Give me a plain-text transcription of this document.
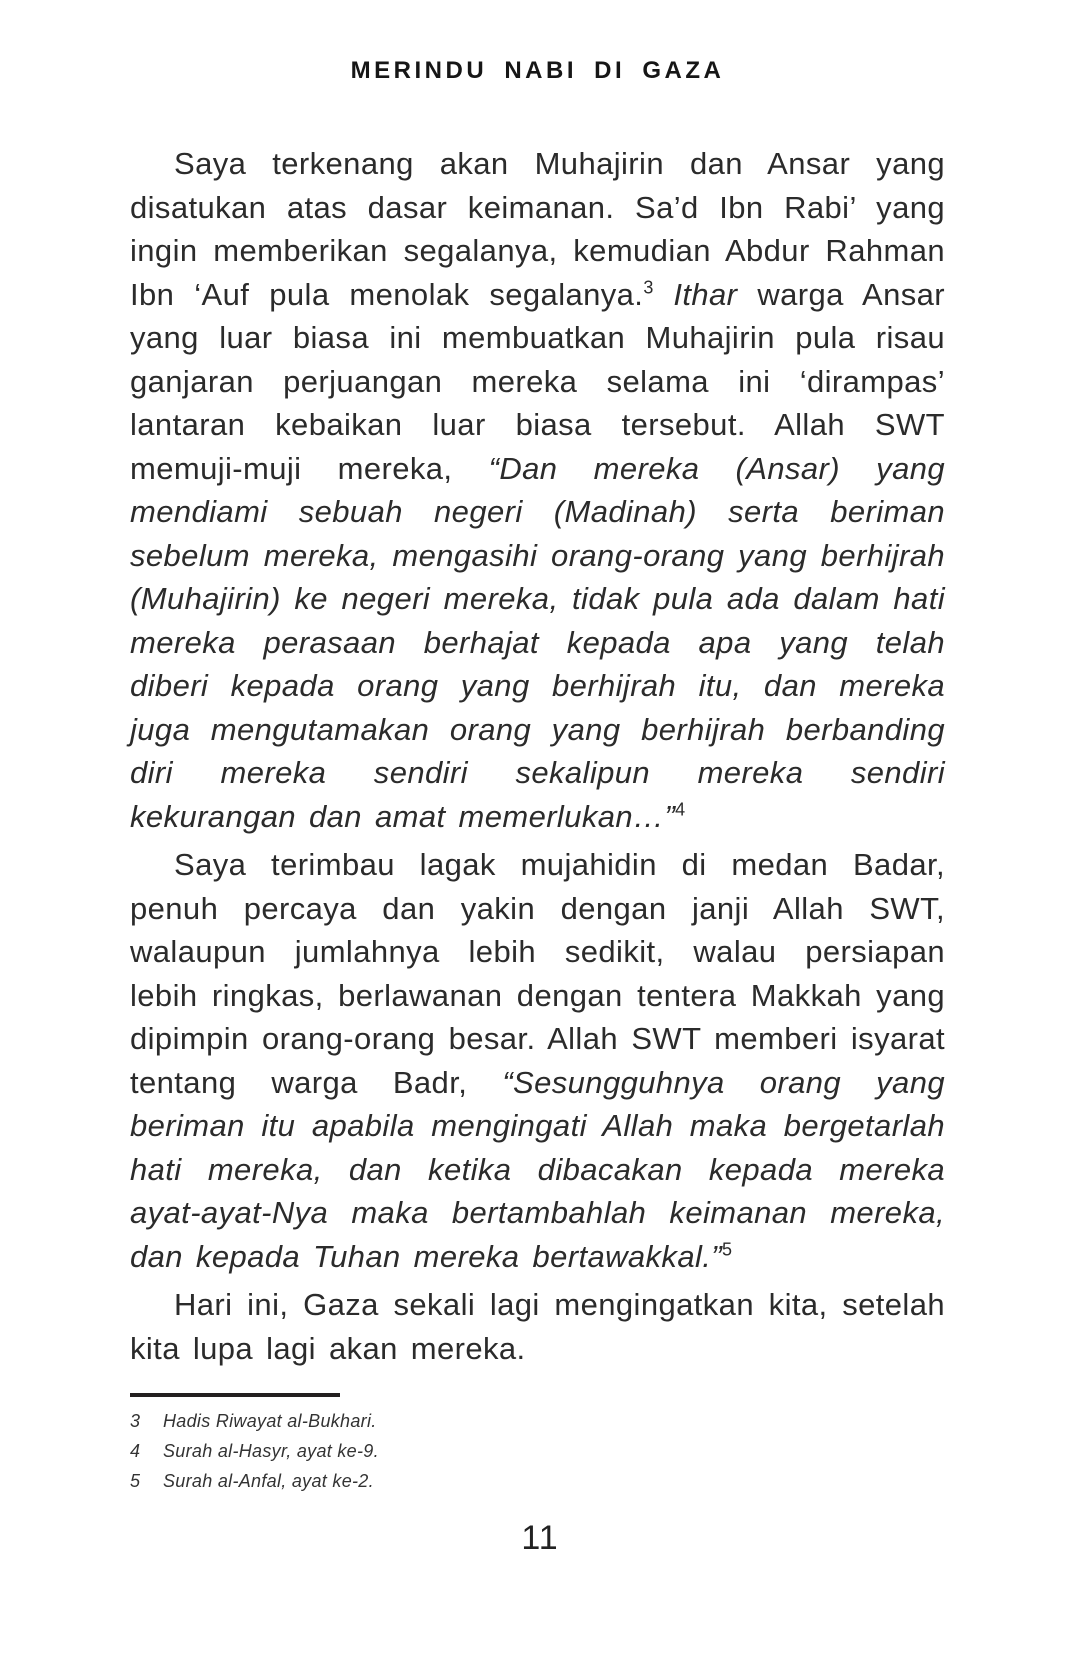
MERINDU NABI DI GAZA

Saya terkenang akan Muhajirin dan Ansar yang disatukan atas dasar keimanan. Sa’d Ibn Rabi’ yang ingin memberikan segalanya, kemudian Abdur Rahman Ibn ‘Auf pula menolak segalanya.$^3$ Ithar warga Ansar yang luar biasa ini membuatkan Muhajirin pula risau ganjaran perjuangan mereka selama ini ‘dirampas’ lantaran kebaikan luar biasa tersebut. Allah SWT memuji-muji mereka, “Dan mereka (Ansar) yang mendiami sebuah negeri (Madinah) serta beriman sebelum mereka, mengasihi orang-orang yang berhijrah (Muhajirin) ke negeri mereka, tidak pula ada dalam hati mereka perasaan berhajat kepada apa yang telah diberi kepada orang yang berhijrah itu, dan mereka juga mengutamakan orang yang berhijrah berbanding diri mereka sendiri sekalipun mereka sendiri kekurangan dan amat memerlukan…”$^4$

Saya terimbau lagak mujahidin di medan Badar, penuh percaya dan yakin dengan janji Allah SWT, walaupun jumlahnya lebih sedikit, walau persiapan lebih ringkas, berlawanan dengan tentera Makkah yang dipimpin orang-orang besar. Allah SWT memberi isyarat tentang warga Badr, “Sesungguhnya orang yang beriman itu apabila mengingati Allah maka bergetarlah hati mereka, dan ketika dibacakan kepada mereka ayat-ayat-Nya maka bertambahlah keimanan mereka, dan kepada Tuhan mereka bertawakkal.”$^5$

Hari ini, Gaza sekali lagi mengingatkan kita, setelah kita lupa lagi akan mereka.

3	Hadis Riwayat al-Bukhari.
4	Surah al-Hasyr, ayat ke-9.
5	Surah al-Anfal, ayat ke-2.
11
